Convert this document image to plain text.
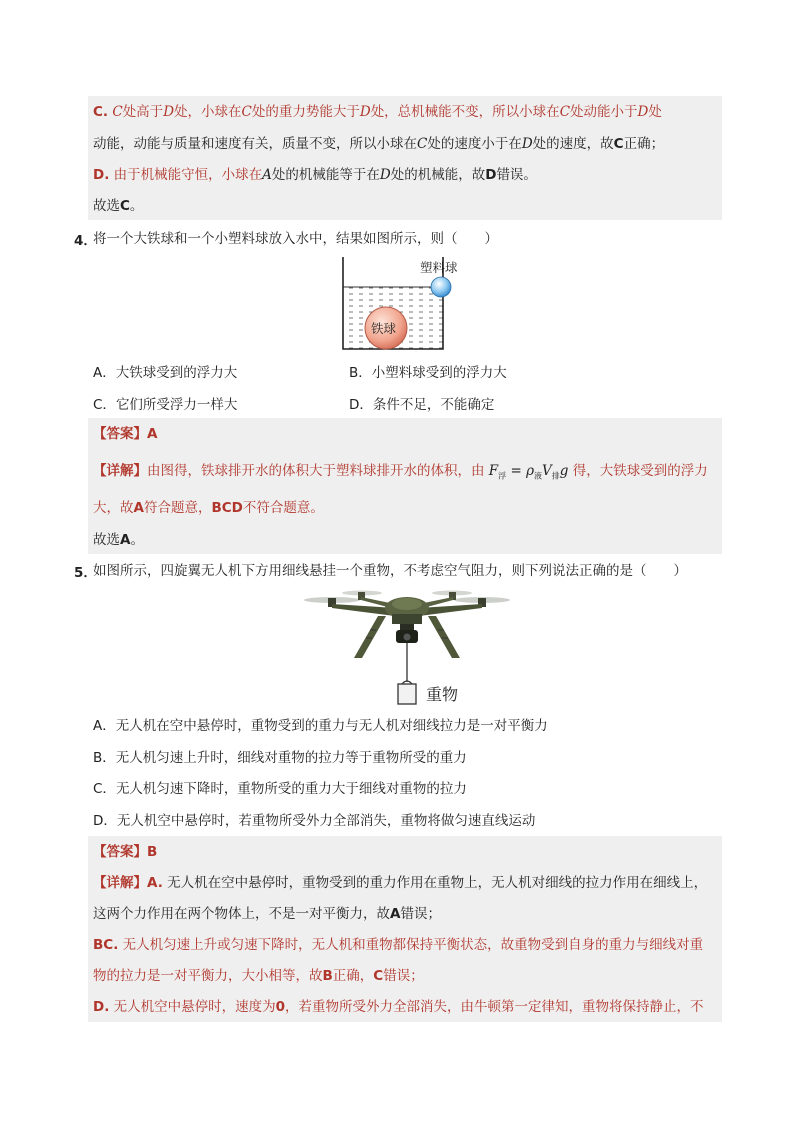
C. C处高于D处，小球在C处的重力势能大于D处，总机械能不变，所以小球在C处动能小于D处
动能，动能与质量和速度有关，质量不变，所以小球在C处的速度小于在D处的速度，故C正确；
D. 由于机械能守恒，小球在A处的机械能等于在D处的机械能，故D错误。
故选C。
4．
将一个大铁球和一个小塑料球放入水中，结果如图所示，则（　　）
塑料球
铁球
A．大铁球受到的浮力大	B．小塑料球受到的浮力大
C．它们所受浮力一样大	D．条件不足，不能确定
【答案】A
【详解】由图得，铁球排开水的体积大于塑料球排开水的体积，由 $F_浮 = \rho_液V_排g$ 得，大铁球受到的浮力
大，故A符合题意，BCD不符合题意。
故选A。
5．
如图所示，四旋翼无人机下方用细线悬挂一个重物，不考虑空气阻力，则下列说法正确的是（　　）
重物
A．无人机在空中悬停时，重物受到的重力与无人机对细线拉力是一对平衡力
B．无人机匀速上升时，细线对重物的拉力等于重物所受的重力
C．无人机匀速下降时，重物所受的重力大于细线对重物的拉力
D．无人机空中悬停时，若重物所受外力全部消失，重物将做匀速直线运动
【答案】B
【详解】A. 无人机在空中悬停时，重物受到的重力作用在重物上，无人机对细线的拉力作用在细线上，
这两个力作用在两个物体上，不是一对平衡力，故A错误；
BC. 无人机匀速上升或匀速下降时，无人机和重物都保持平衡状态，故重物受到自身的重力与细线对重
物的拉力是一对平衡力，大小相等，故B正确，C错误；
D. 无人机空中悬停时，速度为0，若重物所受外力全部消失，由牛顿第一定律知，重物将保持静止，不
